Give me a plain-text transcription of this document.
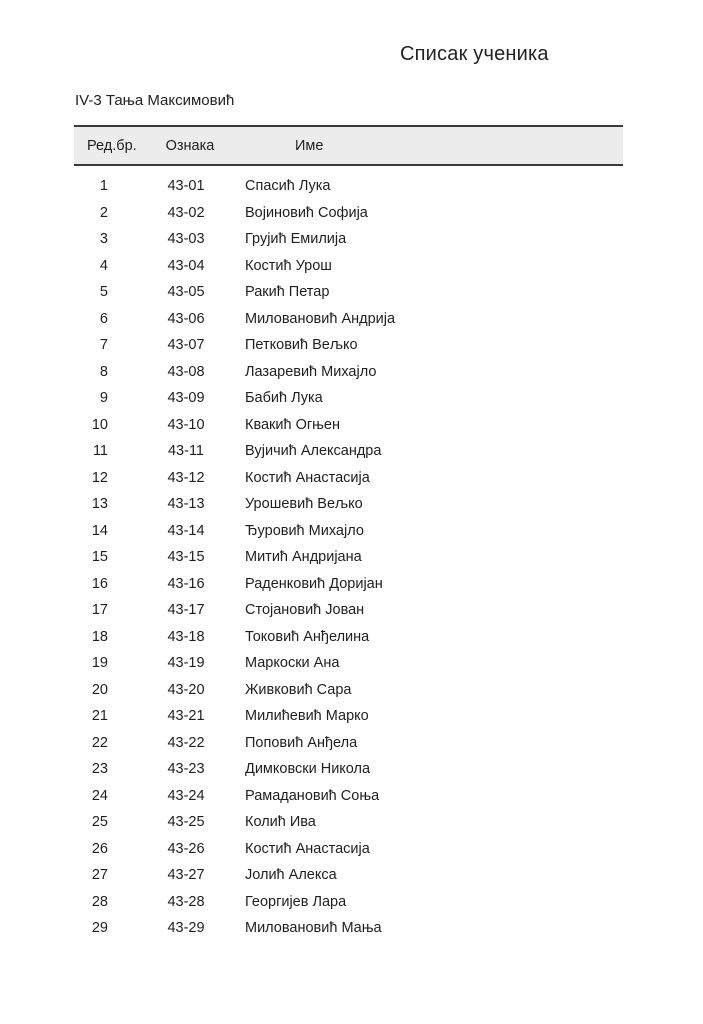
Списак ученика
IV-3 Тања Максимовић
Ред.бр.	Ознака	Име
1	43-01	Спасић Лука
2	43-02	Војиновић Софија
3	43-03	Грујић Емилија
4	43-04	Костић Урош
5	43-05	Ракић Петар
6	43-06	Миловановић Андрија
7	43-07	Петковић Вељко
8	43-08	Лазаревић Михајло
9	43-09	Бабић Лука
10	43-10	Квакић Огњен
11	43-11	Вујичић Александра
12	43-12	Костић Анастасија
13	43-13	Урошевић Вељко
14	43-14	Ђуровић Михајло
15	43-15	Митић Андријана
16	43-16	Раденковић Доријан
17	43-17	Стојановић Јован
18	43-18	Токовић Анђелина
19	43-19	Маркоски Ана
20	43-20	Живковић Сара
21	43-21	Милићевић Марко
22	43-22	Поповић Анђела
23	43-23	Димковски Никола
24	43-24	Рамадановић Соња
25	43-25	Колић Ива
26	43-26	Костић Анастасија
27	43-27	Јолић Алекса
28	43-28	Георгијев Лара
29	43-29	Миловановић Мања
